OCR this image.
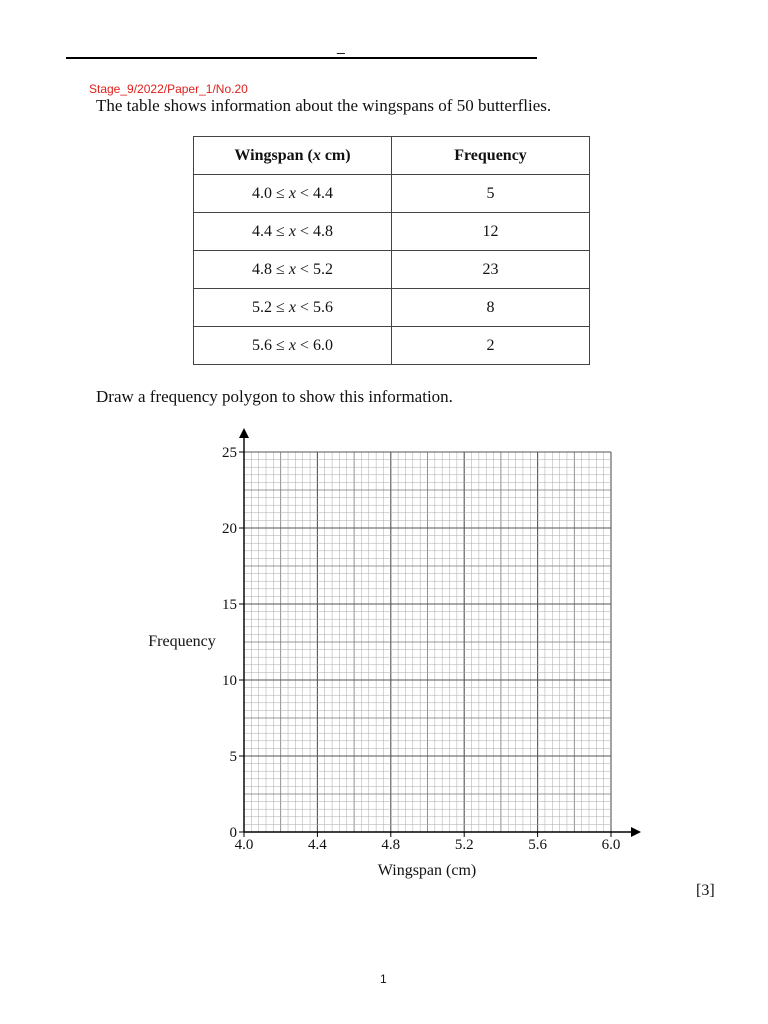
_
Stage_9/2022/Paper_1/No.20
The table shows information about the wingspans of 50 butterflies.
Wingspan (x cm)	Frequency
4.0 ≤ x < 4.4	5
4.4 ≤ x < 4.8	12
4.8 ≤ x < 5.2	23
5.2 ≤ x < 5.6	8
5.6 ≤ x < 6.0	2
Draw a frequency polygon to show this information.
4.0	4.4	4.8	5.2	5.6	6.0
0
5
10
15
20
25
Frequency
Wingspan (cm)
[3]
1
